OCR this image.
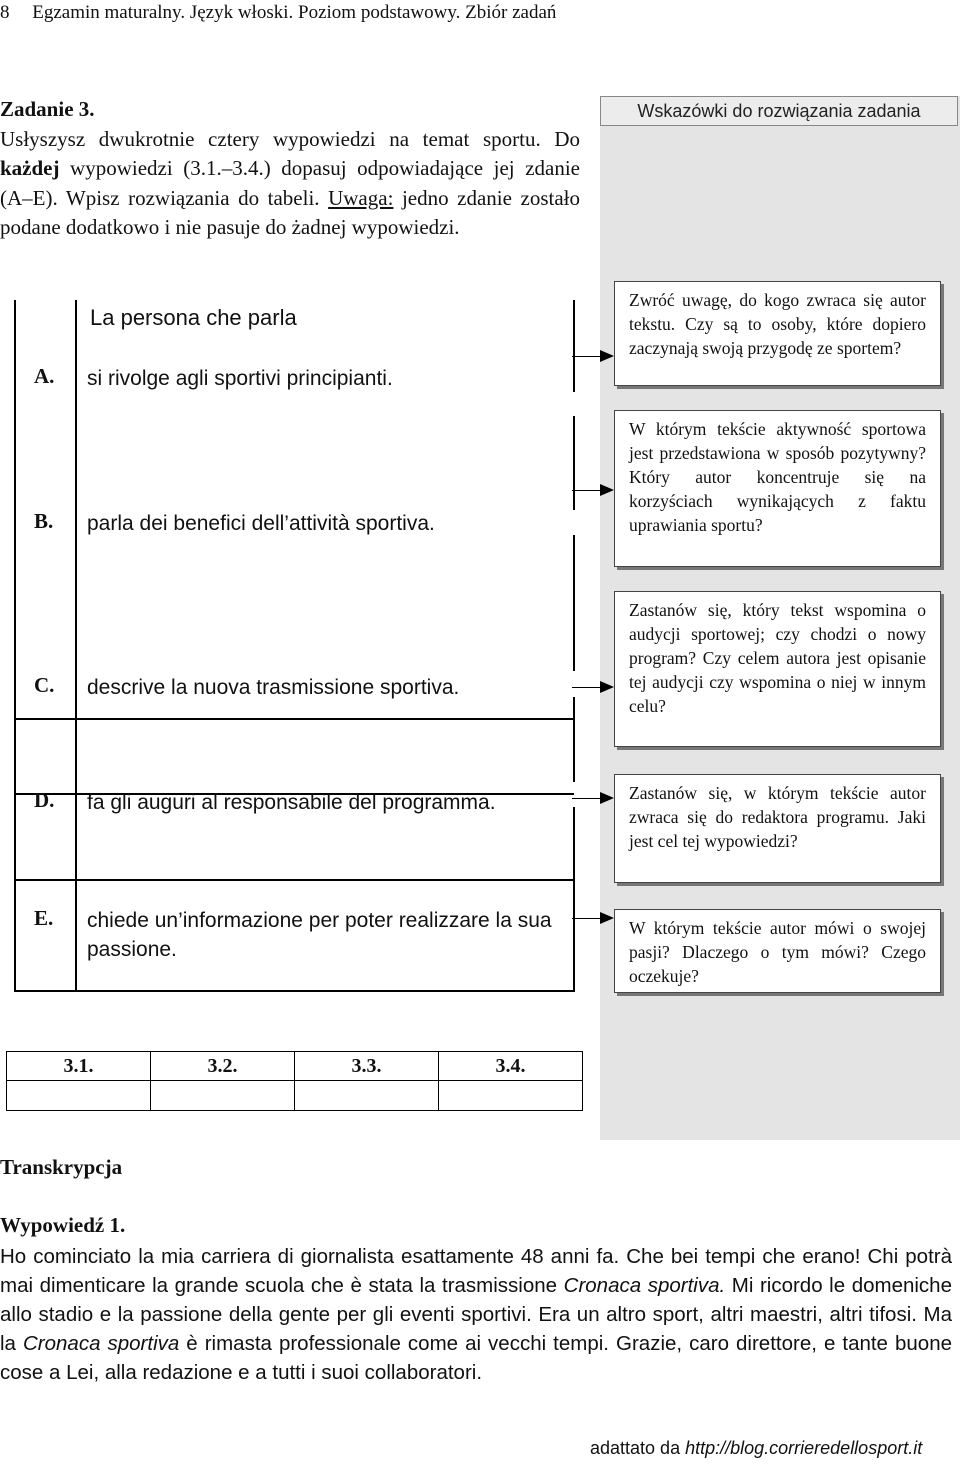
8 Egzamin maturalny. Język włoski. Poziom podstawowy. Zbiór zadań
Zadanie 3.
Usłyszysz dwukrotnie cztery wypowiedzi na temat sportu. Do każdej wypowiedzi (3.1.–3.4.) dopasuj odpowiadające jej zdanie (A–E). Wpisz rozwiązania do tabeli. Uwaga: jedno zdanie zostało podane dodatkowo i nie pasuje do żadnej wypowiedzi.
Wskazówki do rozwiązania zadania
La persona che parla
A. si rivolge agli sportivi principianti.
B. parla dei benefici dell’attività sportiva.
C. descrive la nuova trasmissione sportiva.
D. fa gli auguri al responsabile del programma.
E. chiede un’informazione per poter realizzare la sua passione.
Zwróć uwagę, do kogo zwraca się autor tekstu. Czy są to osoby, które dopiero zaczynają swoją przygodę ze sportem?
W którym tekście aktywność sportowa jest przedstawiona w sposób pozytywny? Który autor koncentruje się na korzyściach wynikających z faktu uprawiania sportu?
Zastanów się, który tekst wspomina o audycji sportowej; czy chodzi o nowy program? Czy celem autora jest opisanie tej audycji czy wspomina o niej w innym celu?
Zastanów się, w którym tekście autor zwraca się do redaktora programu. Jaki jest cel tej wypowiedzi?
W którym tekście autor mówi o swojej pasji? Dlaczego o tym mówi? Czego oczekuje?
3.1.	3.2.	3.3.	3.4.

Transkrypcja
Wypowiedź 1.
Ho cominciato la mia carriera di giornalista esattamente 48 anni fa. Che bei tempi che erano! Chi potrà mai dimenticare la grande scuola che è stata la trasmissione Cronaca sportiva. Mi ricordo le domeniche allo stadio e la passione della gente per gli eventi sportivi. Era un altro sport, altri maestri, altri tifosi. Ma la Cronaca sportiva è rimasta professionale come ai vecchi tempi. Grazie, caro direttore, e tante buone cose a Lei, alla redazione e a tutti i suoi collaboratori.
adattato da http://blog.corrieredellosport.it
